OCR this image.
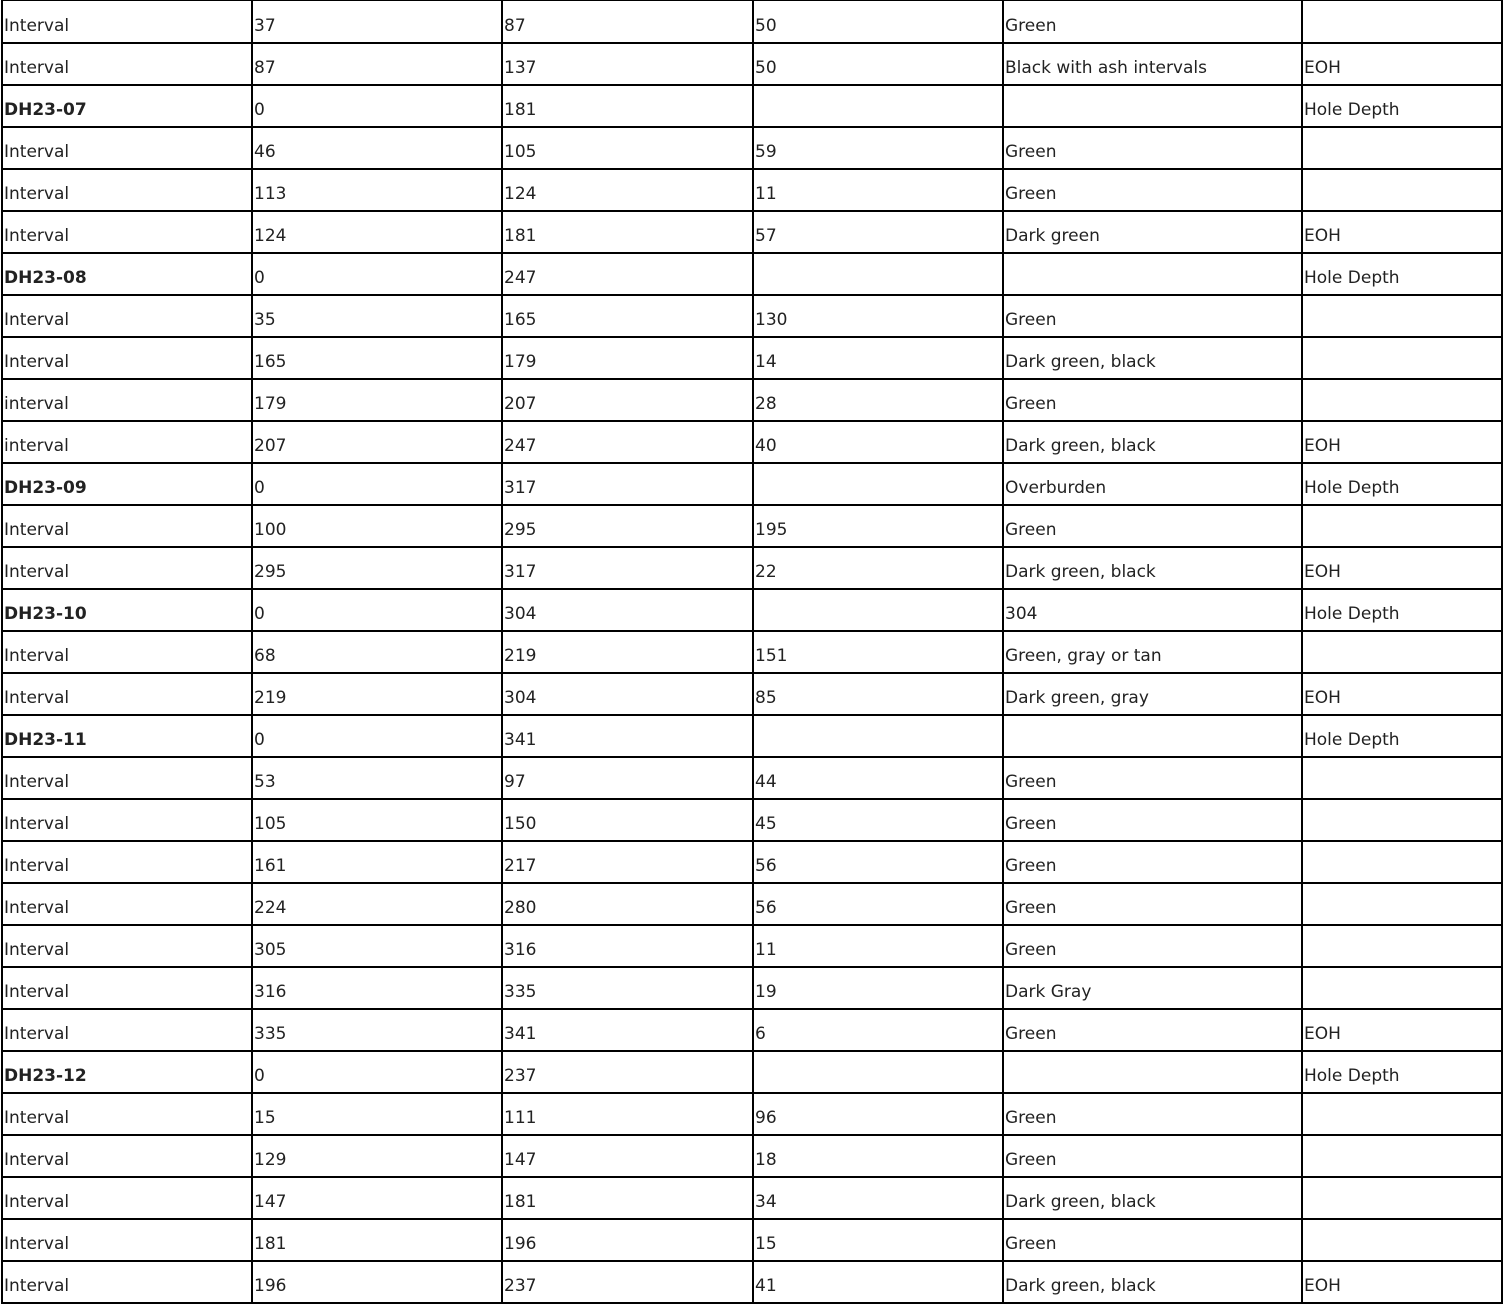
Interval	37	87	50	Green	
Interval	87	137	50	Black with ash intervals	EOH
DH23-07	0	181			Hole Depth
Interval	46	105	59	Green	
Interval	113	124	11	Green	
Interval	124	181	57	Dark green	EOH
DH23-08	0	247			Hole Depth
Interval	35	165	130	Green	
Interval	165	179	14	Dark green, black	
interval	179	207	28	Green	
interval	207	247	40	Dark green, black	EOH
DH23-09	0	317		Overburden	Hole Depth
Interval	100	295	195	Green	
Interval	295	317	22	Dark green, black	EOH
DH23-10	0	304		304	Hole Depth
Interval	68	219	151	Green, gray or tan	
Interval	219	304	85	Dark green, gray	EOH
DH23-11	0	341			Hole Depth
Interval	53	97	44	Green	
Interval	105	150	45	Green	
Interval	161	217	56	Green	
Interval	224	280	56	Green	
Interval	305	316	11	Green	
Interval	316	335	19	Dark Gray	
Interval	335	341	6	Green	EOH
DH23-12	0	237			Hole Depth
Interval	15	111	96	Green	
Interval	129	147	18	Green	
Interval	147	181	34	Dark green, black	
Interval	181	196	15	Green	
Interval	196	237	41	Dark green, black	EOH
